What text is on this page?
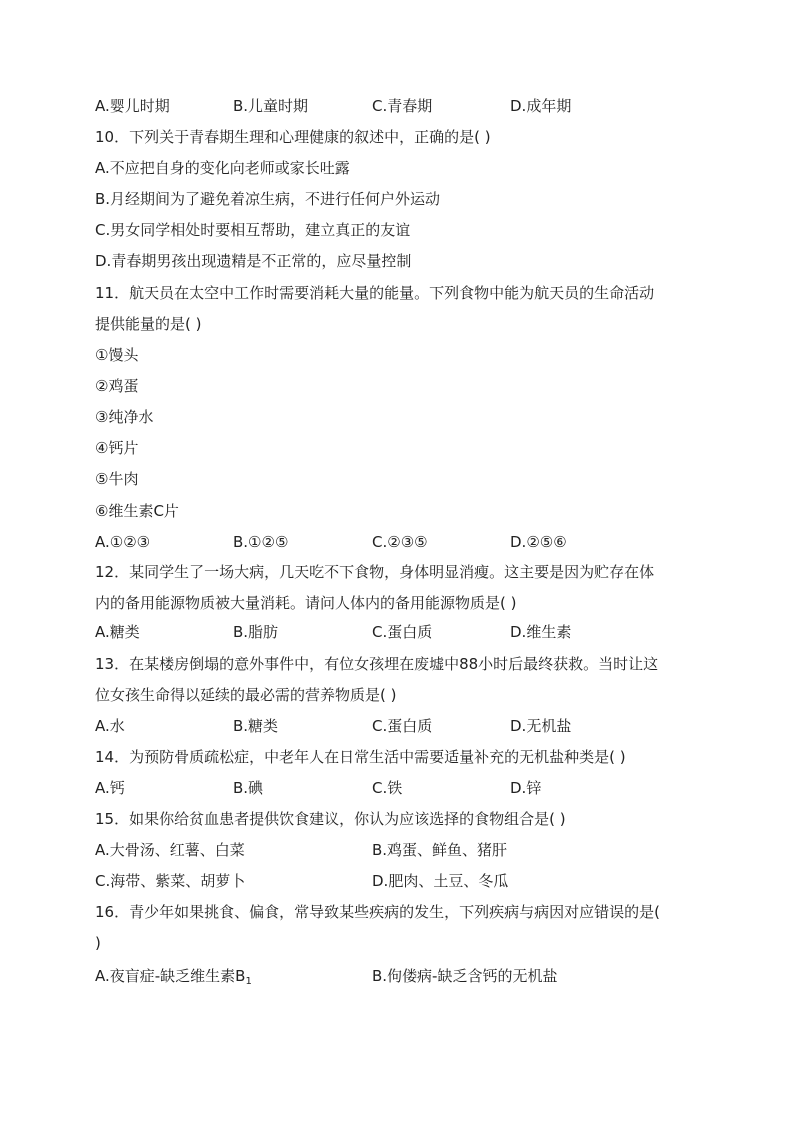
A.婴儿时期	B.儿童时期	C.青春期	D.成年期
10．下列关于青春期生理和心理健康的叙述中，正确的是( )
A.不应把自身的变化向老师或家长吐露
B.月经期间为了避免着凉生病，不进行任何户外运动
C.男女同学相处时要相互帮助，建立真正的友谊
D.青春期男孩出现遗精是不正常的，应尽量控制
11．航天员在太空中工作时需要消耗大量的能量。下列食物中能为航天员的生命活动
提供能量的是( )
①馒头
②鸡蛋
③纯净水
④钙片
⑤牛肉
⑥维生素C片
A.①②③	B.①②⑤	C.②③⑤	D.②⑤⑥
12．某同学生了一场大病，几天吃不下食物，身体明显消瘦。这主要是因为贮存在体
内的备用能源物质被大量消耗。请问人体内的备用能源物质是( )
A.糖类	B.脂肪	C.蛋白质	D.维生素
13．在某楼房倒塌的意外事件中，有位女孩埋在废墟中88小时后最终获救。当时让这
位女孩生命得以延续的最必需的营养物质是( )
A.水	B.糖类	C.蛋白质	D.无机盐
14．为预防骨质疏松症，中老年人在日常生活中需要适量补充的无机盐种类是( )
A.钙	B.碘	C.铁	D.锌
15．如果你给贫血患者提供饮食建议，你认为应该选择的食物组合是( )
A.大骨汤、红薯、白菜	B.鸡蛋、鲜鱼、猪肝
C.海带、紫菜、胡萝卜	D.肥肉、土豆、冬瓜
16．青少年如果挑食、偏食，常导致某些疾病的发生，下列疾病与病因对应错误的是(
)
A.夜盲症-缺乏维生素$B_1$	B.佝偻病-缺乏含钙的无机盐
